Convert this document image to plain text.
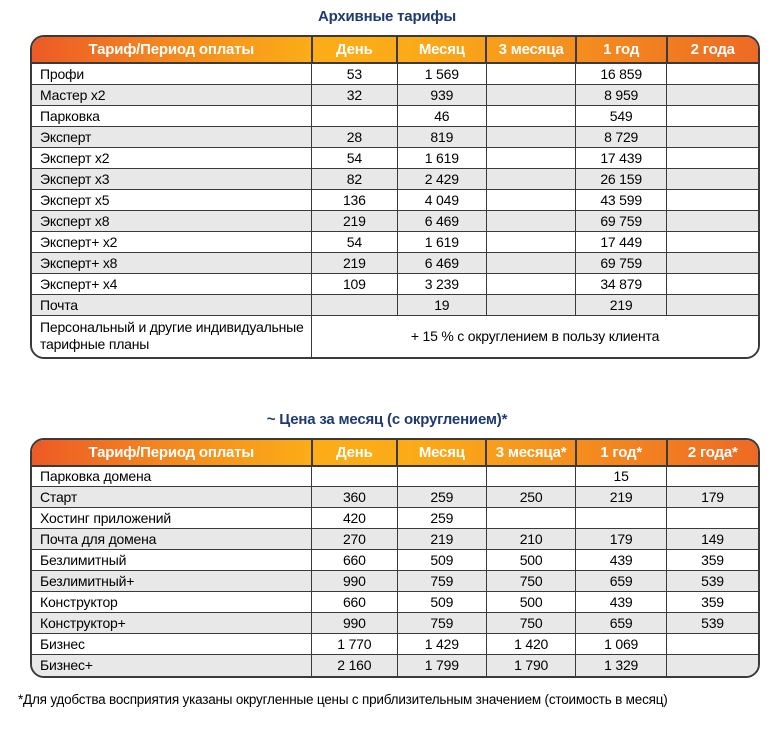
Архивные тарифы
Тариф/Период оплаты	День	Месяц	3 месяца	1 год	2 года
Профи	53	1 569		16 859	
Мастер x2	32	939		8 959	
Парковка		46		549	
Эксперт	28	819		8 729	
Эксперт x2	54	1 619		17 439	
Эксперт x3	82	2 429		26 159	
Эксперт x5	136	4 049		43 599	
Эксперт x8	219	6 469		69 759	
Эксперт+ x2	54	1 619		17 449	
Эксперт+ x8	219	6 469		69 759	
Эксперт+ x4	109	3 239		34 879	
Почта		19		219	
Персональный и другие индивидуальные тарифные планы	+ 15 % с округлением в пользу клиента				
~ Цена за месяц (с округлением)*
Тариф/Период оплаты	День	Месяц	3 месяца*	1 год*	2 года*
Парковка домена				15	
Старт	360	259	250	219	179
Хостинг приложений	420	259			
Почта для домена	270	219	210	179	149
Безлимитный	660	509	500	439	359
Безлимитный+	990	759	750	659	539
Конструктор	660	509	500	439	359
Конструктор+	990	759	750	659	539
Бизнес	1 770	1 429	1 420	1 069	
Бизнес+	2 160	1 799	1 790	1 329	

*Для удобства восприятия указаны округленные цены с приблизительным значением (стоимость в месяц)
